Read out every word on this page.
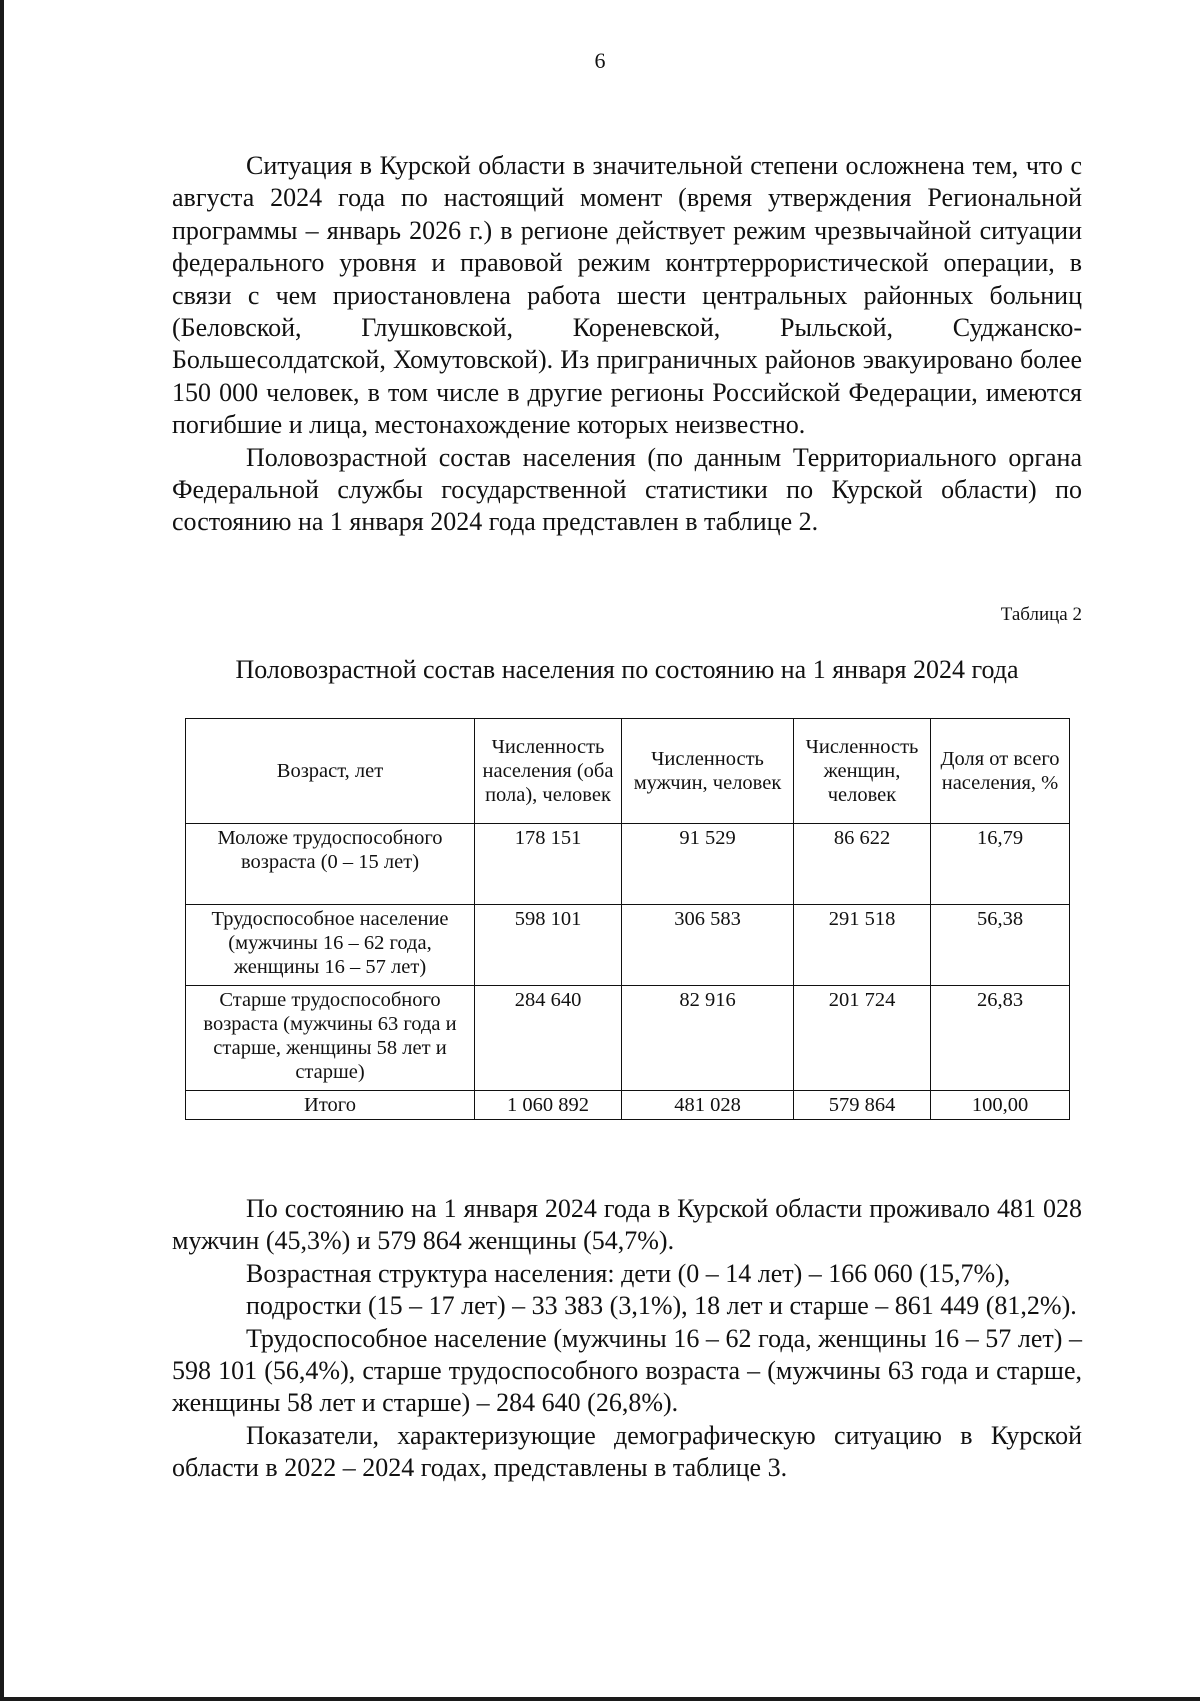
6

Ситуация в Курской области в значительной степени осложнена тем, что с августа 2024 года по настоящий момент (время утверждения Региональной программы – январь 2026 г.) в регионе действует режим чрезвычайной ситуации федерального уровня и правовой режим контртеррористической операции, в связи с чем приостановлена работа шести центральных районных больниц (Беловской, Глушковской, Кореневской, Рыльской, Суджанско-Большесолдатской, Хомутовской). Из приграничных районов эвакуировано более 150 000 человек, в том числе в другие регионы Российской Федерации, имеются погибшие и лица, местонахождение которых неизвестно.

Половозрастной состав населения (по данным Территориального органа Федеральной службы государственной статистики по Курской области) по состоянию на 1 января 2024 года представлен в таблице 2.

Таблица 2
Половозрастной состав населения по состоянию на 1 января 2024 года
Возраст, лет	Численность населения (оба пола), человек	Численность мужчин, человек	Численность женщин, человек	Доля от всего населения, %
Моложе трудоспособного возраста (0 – 15 лет)	178 151	91 529	86 622	16,79
Трудоспособное население (мужчины 16 – 62 года, женщины 16 – 57 лет)	598 101	306 583	291 518	56,38
Старше трудоспособного возраста (мужчины 63 года и старше, женщины 58 лет и старше)	284 640	82 916	201 724	26,83
Итого	1 060 892	481 028	579 864	100,00

По состоянию на 1 января 2024 года в Курской области проживало 481 028 мужчин (45,3%) и 579 864 женщины (54,7%).

Возрастная структура населения: дети (0 – 14 лет) – 166 060 (15,7%),

подростки (15 – 17 лет) – 33 383 (3,1%), 18 лет и старше – 861 449 (81,2%).

Трудоспособное население (мужчины 16 – 62 года, женщины 16 – 57 лет) – 598 101 (56,4%), старше трудоспособного возраста – (мужчины 63 года и старше, женщины 58 лет и старше) – 284 640 (26,8%).

Показатели, характеризующие демографическую ситуацию в Курской области в 2022 – 2024 годах, представлены в таблице 3.
